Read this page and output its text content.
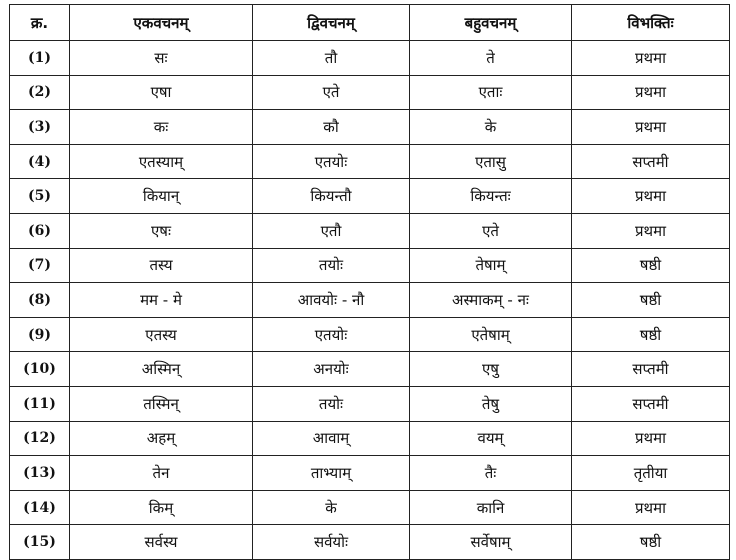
क्र.	एकवचनम्	द्विवचनम्	बहुवचनम्	विभक्तिः
(1)	सः	तौ	ते	प्रथमा
(2)	एषा	एते	एताः	प्रथमा
(3)	कः	कौ	के	प्रथमा
(4)	एतस्याम्	एतयोः	एतासु	सप्तमी
(5)	कियान्	कियन्तौ	कियन्तः	प्रथमा
(6)	एषः	एतौ	एते	प्रथमा
(7)	तस्य	तयोः	तेषाम्	षष्ठी
(8)	मम - मे	आवयोः - नौ	अस्माकम् - नः	षष्ठी
(9)	एतस्य	एतयोः	एतेषाम्	षष्ठी
(10)	अस्मिन्	अनयोः	एषु	सप्तमी
(11)	तस्मिन्	तयोः	तेषु	सप्तमी
(12)	अहम्	आवाम्	वयम्	प्रथमा
(13)	तेन	ताभ्याम्	तैः	तृतीया
(14)	किम्	के	कानि	प्रथमा
(15)	सर्वस्य	सर्वयोः	सर्वेषाम्	षष्ठी
